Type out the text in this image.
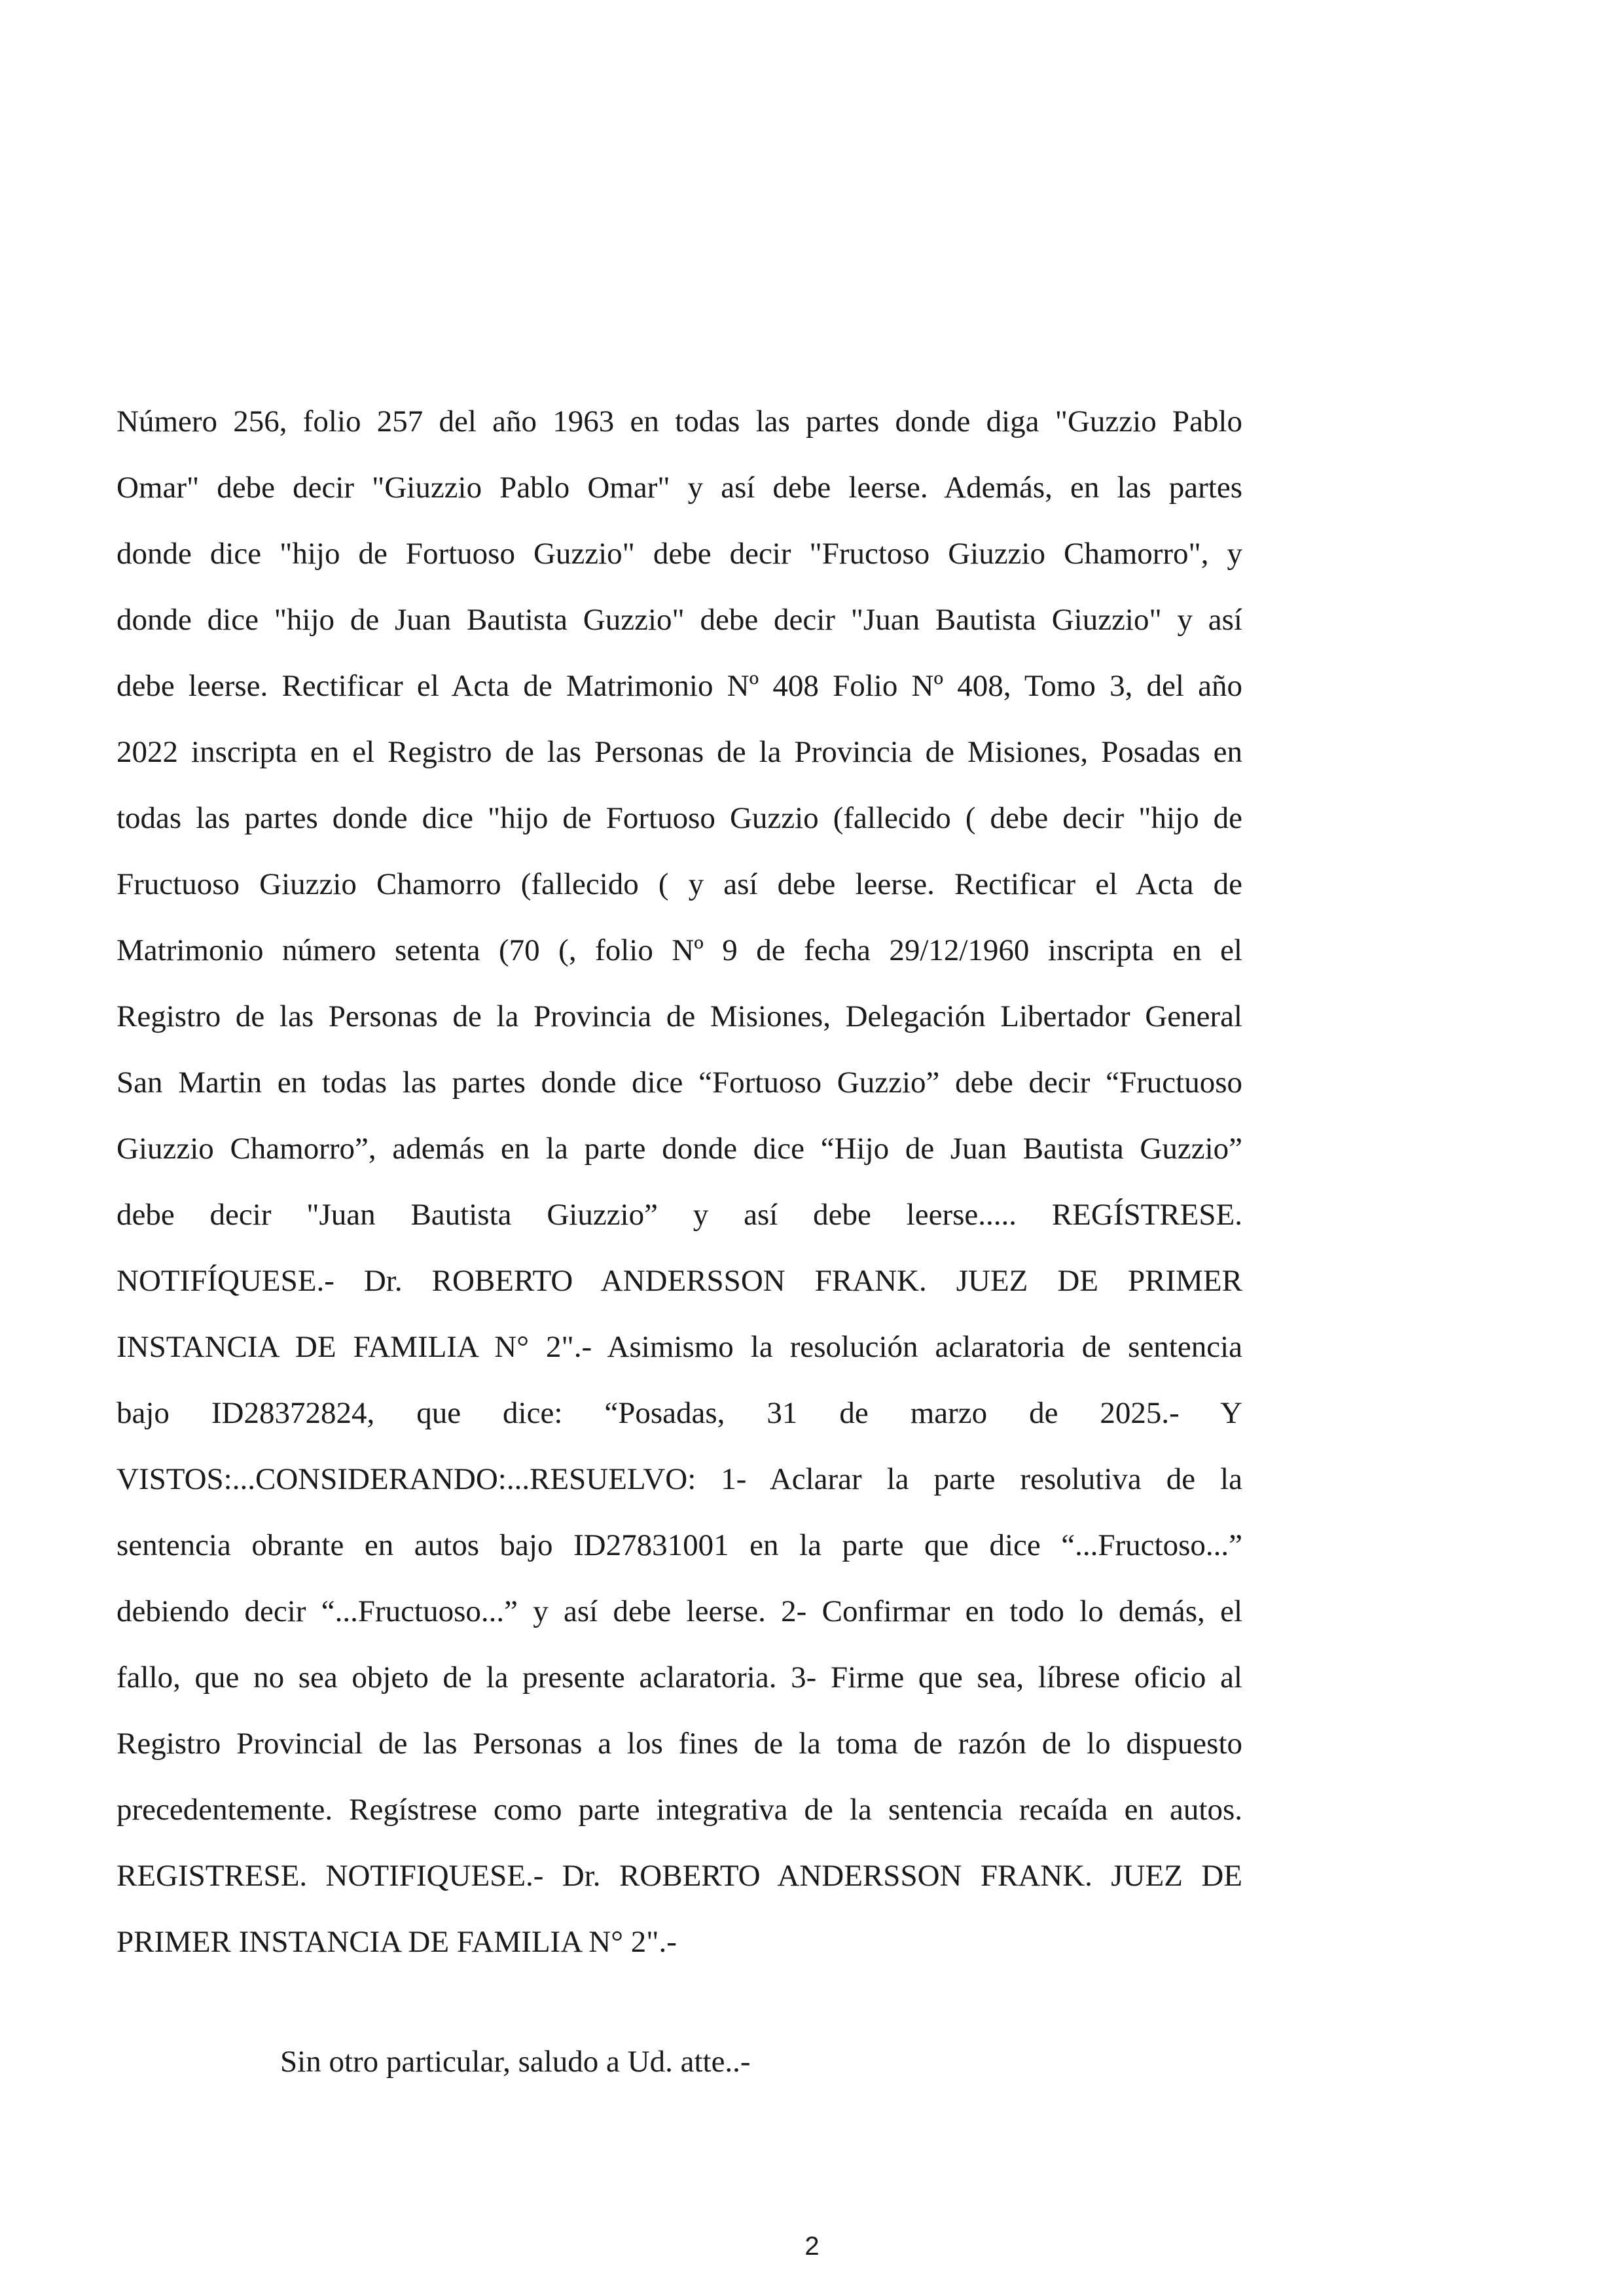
Número 256, folio 257 del año 1963 en todas las partes donde diga "Guzzio Pablo
Omar" debe decir "Giuzzio Pablo Omar" y así debe leerse. Además, en las partes
donde dice "hijo de Fortuoso Guzzio" debe decir "Fructoso Giuzzio Chamorro", y
donde dice "hijo de Juan Bautista Guzzio" debe decir "Juan Bautista Giuzzio" y así
debe leerse. Rectificar el Acta de Matrimonio Nº 408 Folio Nº 408, Tomo 3, del año
2022 inscripta en el Registro de las Personas de la Provincia de Misiones, Posadas en
todas las partes donde dice "hijo de Fortuoso Guzzio (fallecido ( debe decir "hijo de
Fructuoso Giuzzio Chamorro (fallecido ( y así debe leerse. Rectificar el Acta de
Matrimonio número setenta (70 (, folio Nº 9 de fecha 29/12/1960 inscripta en el
Registro de las Personas de la Provincia de Misiones, Delegación Libertador General
San Martin en todas las partes donde dice “Fortuoso Guzzio” debe decir “Fructuoso
Giuzzio Chamorro”, además en la parte donde dice “Hijo de Juan Bautista Guzzio”
debe decir "Juan Bautista Giuzzio” y así debe leerse..... REGÍSTRESE.
NOTIFÍQUESE.- Dr. ROBERTO ANDERSSON FRANK. JUEZ DE PRIMER
INSTANCIA DE FAMILIA N° 2".- Asimismo la resolución aclaratoria de sentencia
bajo ID28372824, que dice: “Posadas, 31 de marzo de 2025.- Y
VISTOS:...CONSIDERANDO:...RESUELVO: 1- Aclarar la parte resolutiva de la
sentencia obrante en autos bajo ID27831001 en la parte que dice “...Fructoso...”
debiendo decir “...Fructuoso...” y así debe leerse. 2- Confirmar en todo lo demás, el
fallo, que no sea objeto de la presente aclaratoria. 3- Firme que sea, líbrese oficio al
Registro Provincial de las Personas a los fines de la toma de razón de lo dispuesto
precedentemente. Regístrese como parte integrativa de la sentencia recaída en autos.
REGISTRESE. NOTIFIQUESE.- Dr. ROBERTO ANDERSSON FRANK. JUEZ DE
PRIMER INSTANCIA DE FAMILIA N° 2".-

Sin otro particular, saludo a Ud. atte..-

2
